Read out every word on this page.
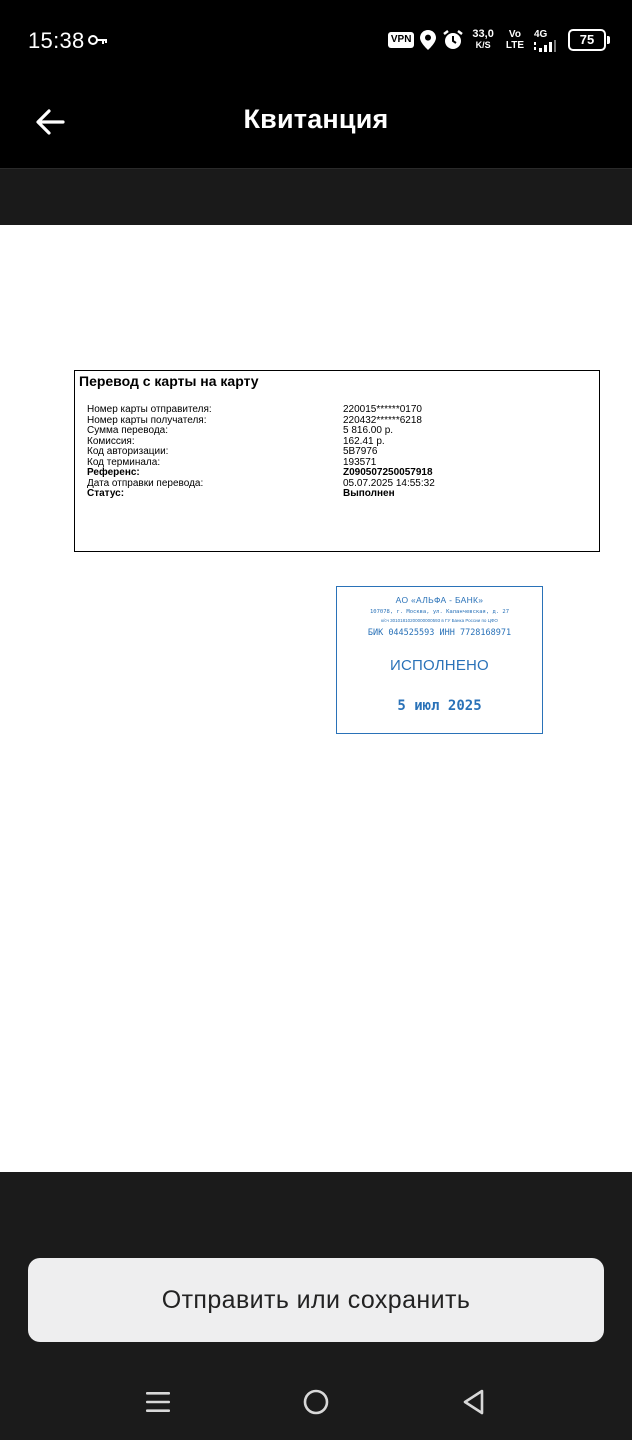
15:38	VPN	33,0
K/S
Vo
LTE
4G	75
Квитанция
Перевод с карты на карту
Номер карты отправителя:	220015******0170
Номер карты получателя:	220432******6218
Сумма перевода:	5 816.00 р.
Комиссия:	162.41 р.
Код авторизации:	5B7976
Код терминала:	193571
Референс:	Z090507250057918
Дата отправки перевода:	05.07.2025 14:55:32
Статус:	Выполнен
АО «АЛЬФА - БАНК»
107078, г. Москва, ул. Каланчевская, д. 27
к/сч 30101810200000000593 в ГУ Банка России по ЦФО
БИК 044525593 ИНН 7728168971
ИСПОЛНЕНО
5 июл 2025
Отправить или сохранить
